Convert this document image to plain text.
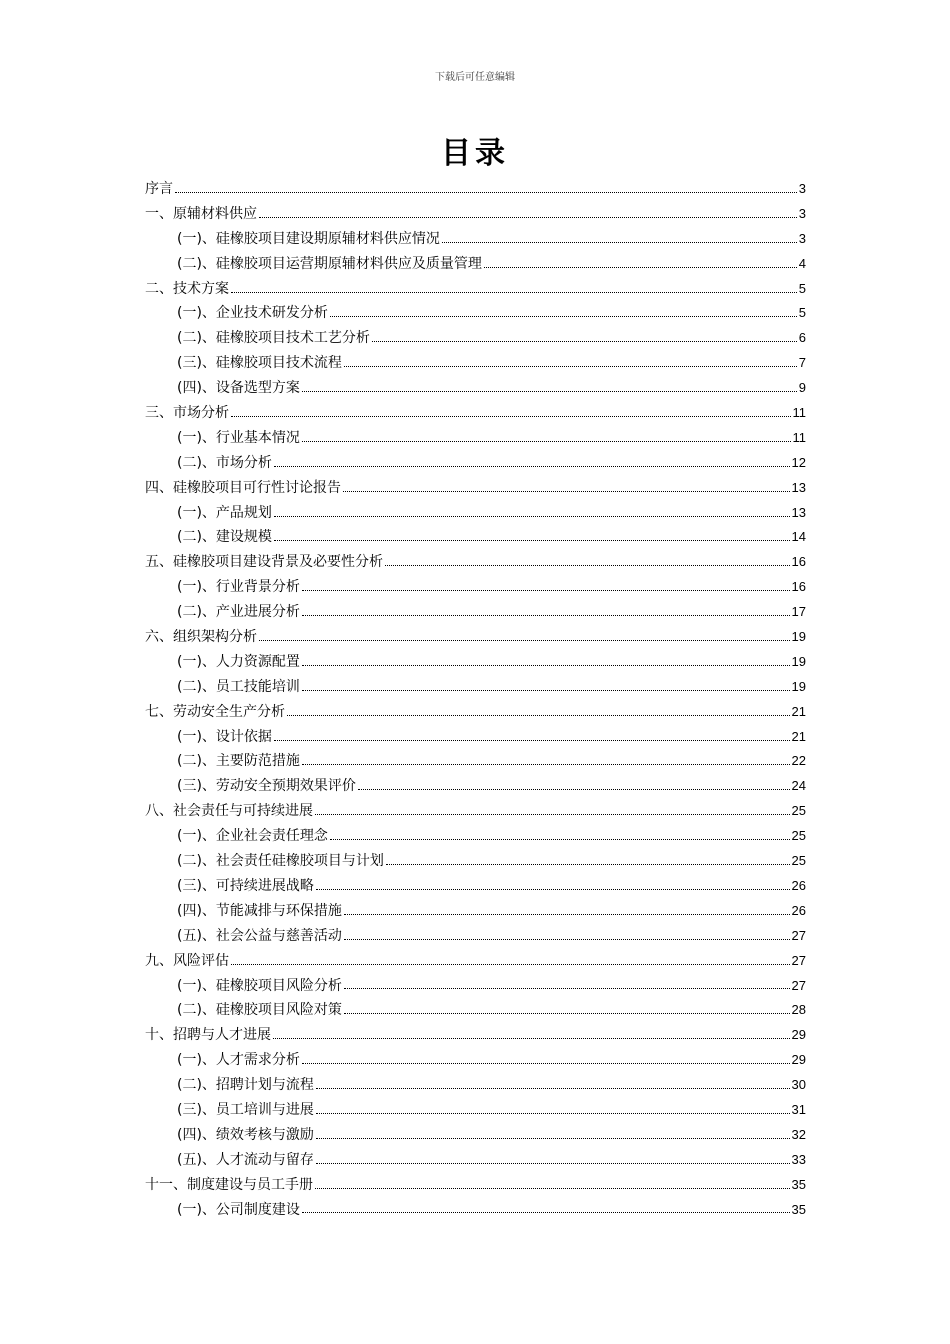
下载后可任意编辑
目录
序言	3
一、原辅材料供应	3
(一)、硅橡胶项目建设期原辅材料供应情况	3
(二)、硅橡胶项目运营期原辅材料供应及质量管理	4
二、技术方案	5
(一)、企业技术研发分析	5
(二)、硅橡胶项目技术工艺分析	6
(三)、硅橡胶项目技术流程	7
(四)、设备选型方案	9
三、市场分析	11
(一)、行业基本情况	11
(二)、市场分析	12
四、硅橡胶项目可行性讨论报告	13
(一)、产品规划	13
(二)、建设规模	14
五、硅橡胶项目建设背景及必要性分析	16
(一)、行业背景分析	16
(二)、产业进展分析	17
六、组织架构分析	19
(一)、人力资源配置	19
(二)、员工技能培训	19
七、劳动安全生产分析	21
(一)、设计依据	21
(二)、主要防范措施	22
(三)、劳动安全预期效果评价	24
八、社会责任与可持续进展	25
(一)、企业社会责任理念	25
(二)、社会责任硅橡胶项目与计划	25
(三)、可持续进展战略	26
(四)、节能减排与环保措施	26
(五)、社会公益与慈善活动	27
九、风险评估	27
(一)、硅橡胶项目风险分析	27
(二)、硅橡胶项目风险对策	28
十、招聘与人才进展	29
(一)、人才需求分析	29
(二)、招聘计划与流程	30
(三)、员工培训与进展	31
(四)、绩效考核与激励	32
(五)、人才流动与留存	33
十一、制度建设与员工手册	35
(一)、公司制度建设	35
